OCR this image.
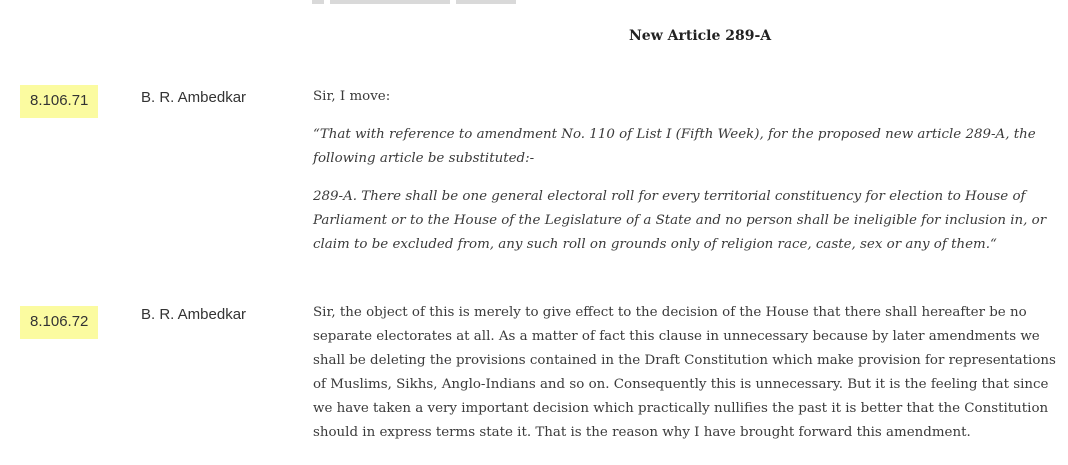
New Article 289-A
8.106.71	B. R. Ambedkar	Sir, I move:

“That with reference to amendment No. 110 of List I (Fifth Week), for the proposed new article 289-A, the following article be substituted:-

289-A. There shall be one general electoral roll for every territorial constituency for election to House of Parliament or to the House of the Legislature of a State and no person shall be ineligible for inclusion in, or claim to be excluded from, any such roll on grounds only of religion race, caste, sex or any of them.“

8.106.72	B. R. Ambedkar	Sir, the object of this is merely to give effect to the decision of the House that there shall hereafter be no separate electorates at all. As a matter of fact this clause in unnecessary because by later amendments we shall be deleting the provisions contained in the Draft Constitution which make provision for representations of Muslims, Sikhs, Anglo-Indians and so on. Consequently this is unnecessary. But it is the feeling that since we have taken a very important decision which practically nullifies the past it is better that the Constitution should in express terms state it. That is the reason why I have brought forward this amendment.
